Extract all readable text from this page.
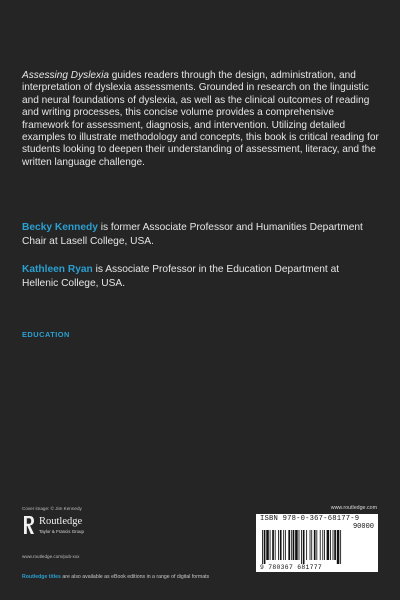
Assessing Dyslexia guides readers through the design, administration, and interpretation of dyslexia assessments. Grounded in research on the linguistic and neural foundations of dyslexia, as well as the clinical outcomes of reading and writing processes, this concise volume provides a comprehensive framework for assessment, diagnosis, and intervention. Utilizing detailed examples to illustrate methodology and concepts, this book is critical reading for students looking to deepen their understanding of assessment, literacy, and the written language challenge.

Becky Kennedy is former Associate Professor and Humanities Department Chair at Lasell College, USA.

Kathleen Ryan is Associate Professor in the Education Department at Hellenic College, USA.

EDUCATION
Cover image: © Jim Kennedy	www.routledge.com
Routledge
Taylor & Francis Group
www.routledge.com/pub-xxx
Routledge titles are also available as eBook editions in a range of digital formats
ISBN 978-0-367-68177-9
90000
9 780367 681777
